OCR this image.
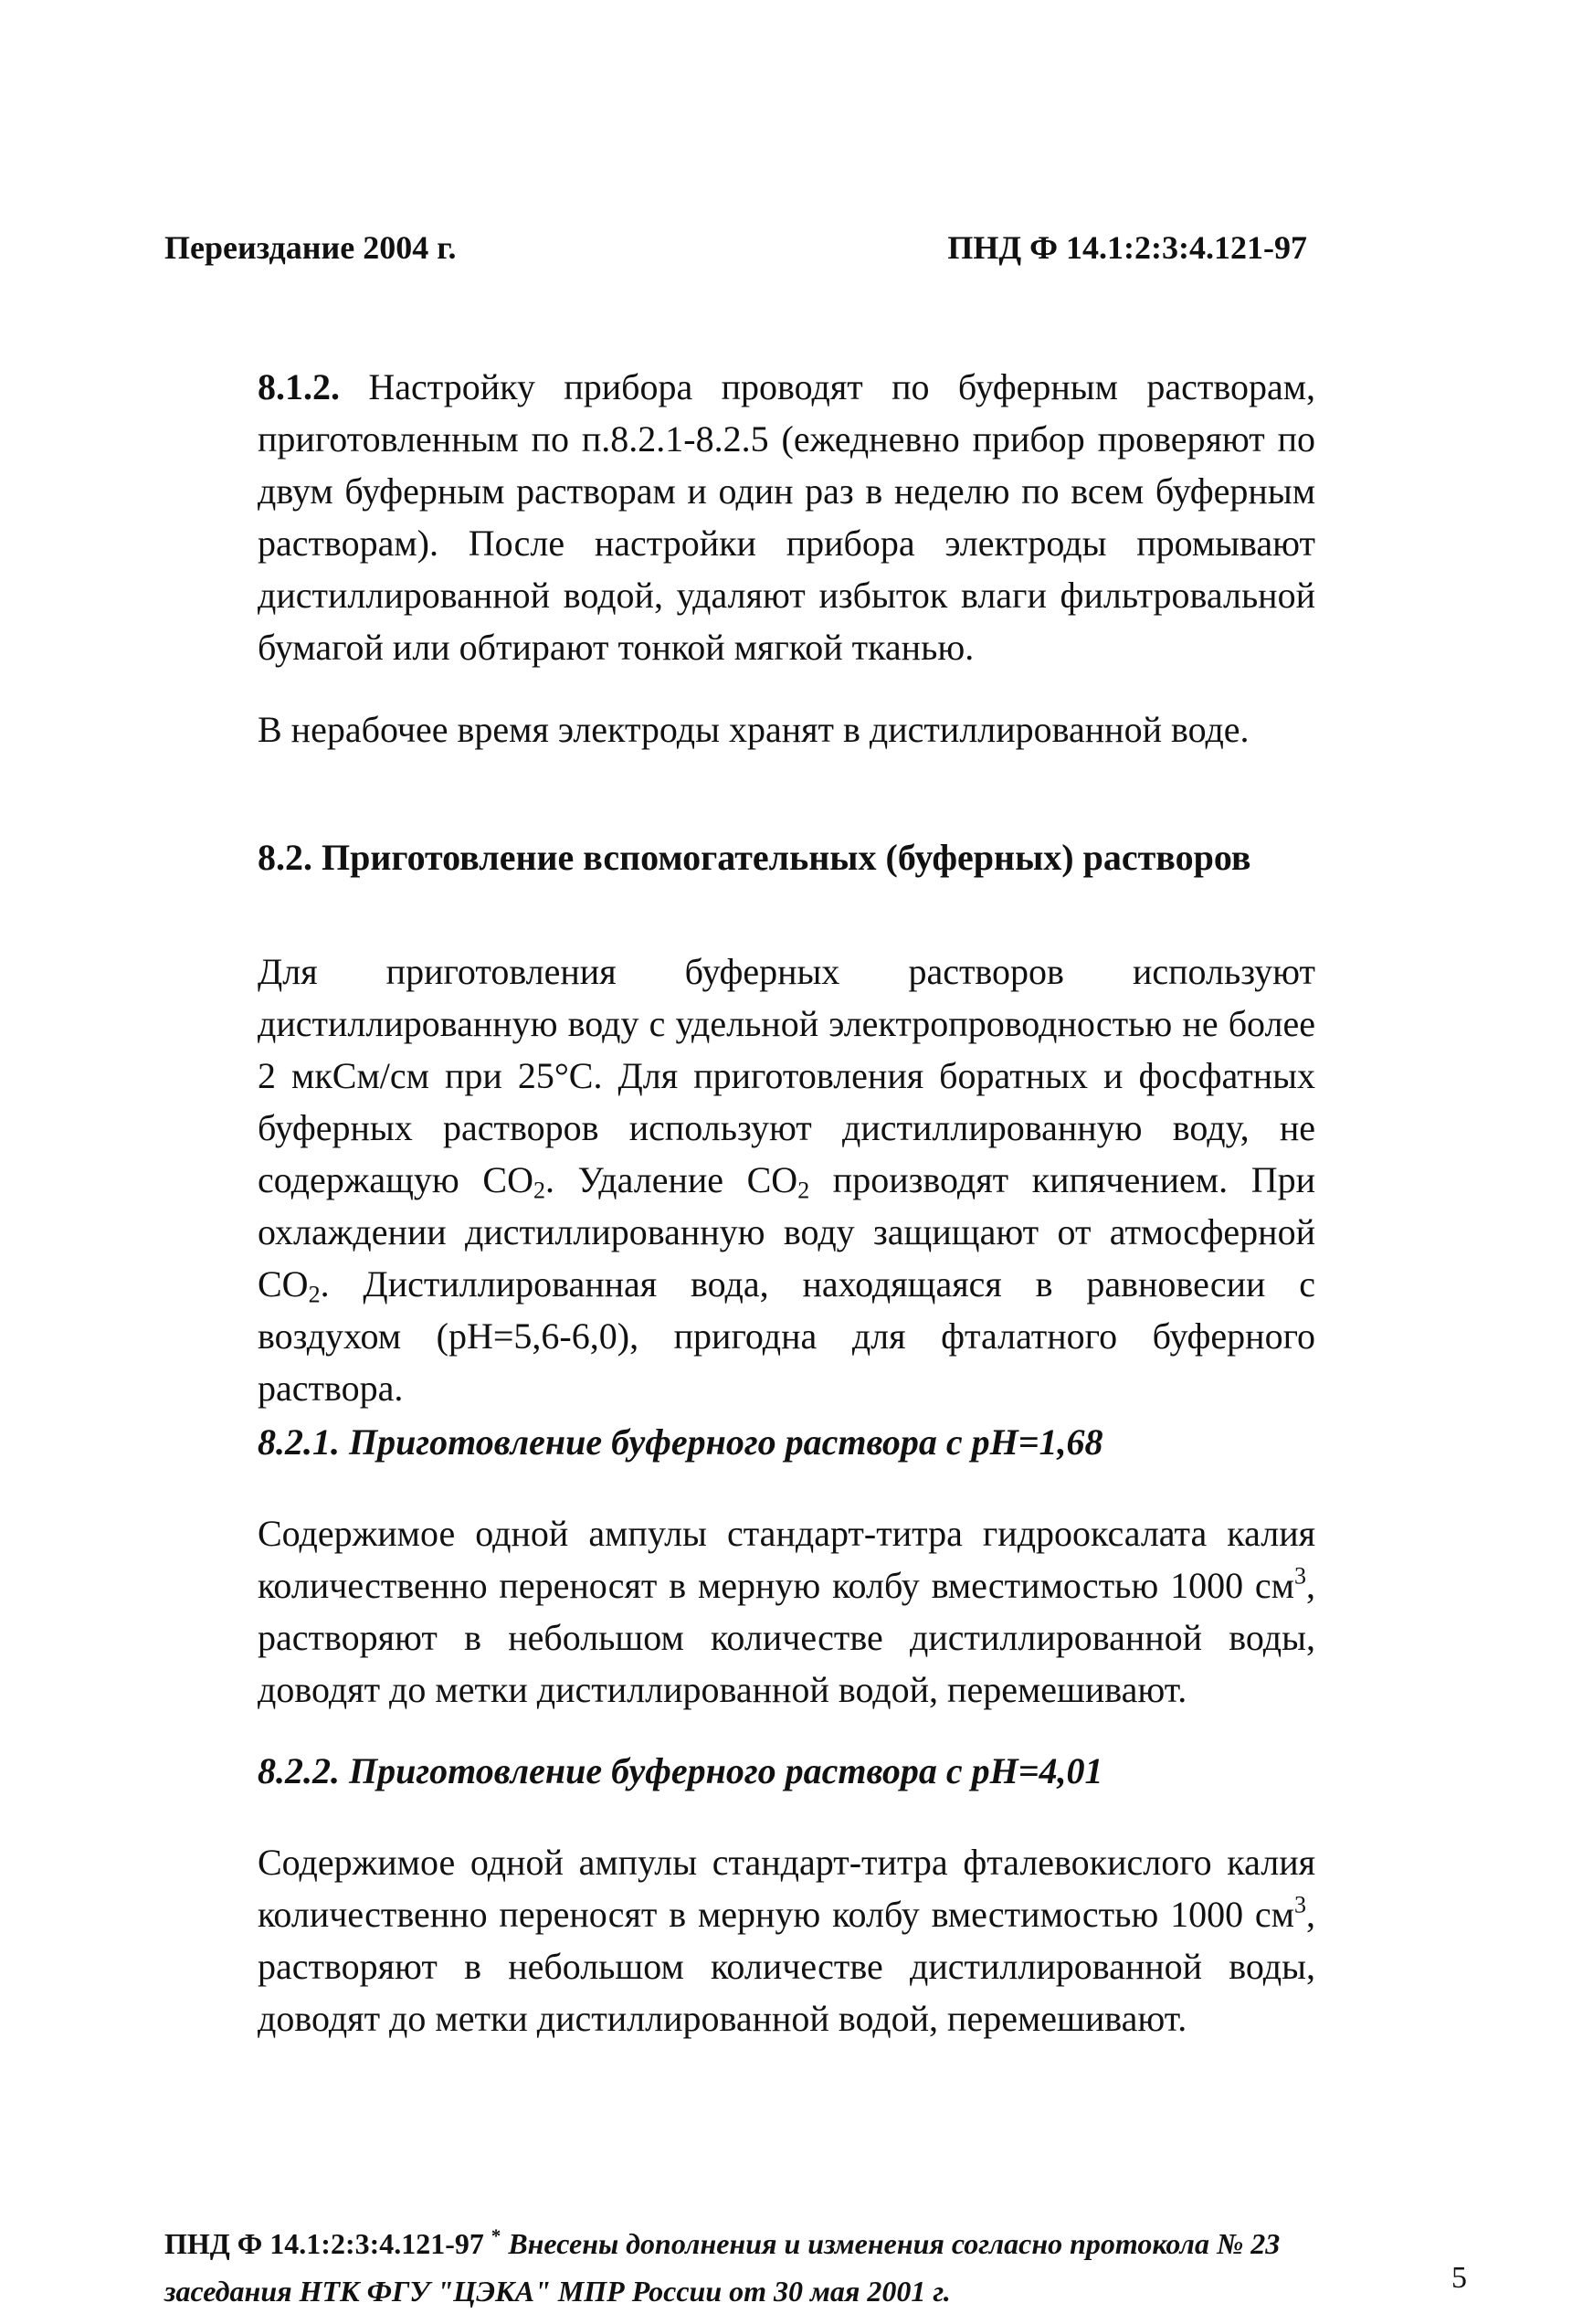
Переиздание 2004 г.	ПНД Ф 14.1:2:3:4.121-97
8.1.2. Настройку прибора проводят по буферным растворам, приготовленным по п.8.2.1-8.2.5 (ежедневно прибор проверяют по двум буферным растворам и один раз в неделю по всем буферным растворам). После настройки прибора электроды промывают дистиллированной водой, удаляют избыток влаги фильтровальной бумагой или обтирают тонкой мягкой тканью.
В нерабочее время электроды хранят в дистиллированной воде.
8.2. Приготовление вспомогательных (буферных) растворов
Для приготовления буферных растворов используют дистиллированную воду с удельной электропроводностью не более 2 мкСм/см при 25°С. Для приготовления боратных и фосфатных буферных растворов используют дистиллированную воду, не содержащую $СО_2$. Удаление $СО_2$ производят кипячением. При охлаждении дистиллированную воду защищают от атмосферной $СО_2$. Дистиллированная вода, находящаяся в равновесии с воздухом (рН=5,6-6,0), пригодна для фталатного буферного раствора.
8.2.1. Приготовление буферного раствора с рН=1,68
Содержимое одной ампулы стандарт-титра гидрооксалата калия количественно переносят в мерную колбу вместимостью 1000 $см^3$, растворяют в небольшом количестве дистиллированной воды, доводят до метки дистиллированной водой, перемешивают.
8.2.2. Приготовление буферного раствора с рН=4,01
Содержимое одной ампулы стандарт-титра фталевокислого калия количественно переносят в мерную колбу вместимостью 1000 $см^3$, растворяют в небольшом количестве дистиллированной воды, доводят до метки дистиллированной водой, перемешивают.
ПНД Ф 14.1:2:3:4.121-97 * Внесены дополнения и изменения согласно протокола № 23 заседания НТК ФГУ "ЦЭКА" МПР России от 30 мая 2001 г.	5
